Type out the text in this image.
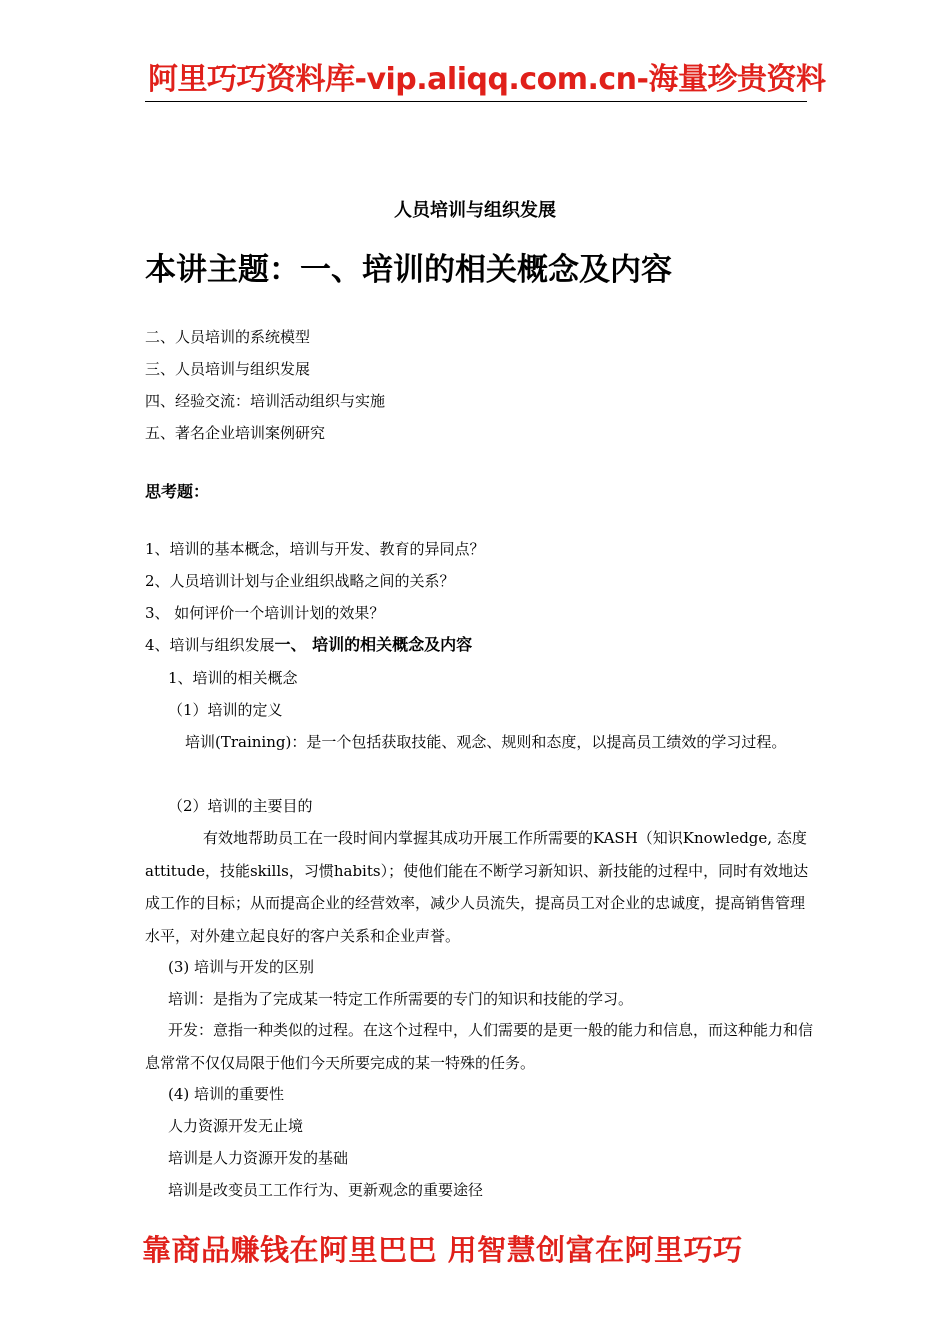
阿里巧巧资料库-vip.aliqq.com.cn-海量珍贵资料
人员培训与组织发展
本讲主题：一、培训的相关概念及内容
二、人员培训的系统模型
三、人员培训与组织发展
四、经验交流：培训活动组织与实施
五、著名企业培训案例研究
思考题：
1、培训的基本概念，培训与开发、教育的异同点？
2、人员培训计划与企业组织战略之间的关系？
3、 如何评价一个培训计划的效果？
4、培训与组织发展一、 培训的相关概念及内容
1、培训的相关概念
（1）培训的定义
培训(Training)：是一个包括获取技能、观念、规则和态度，以提高员工绩效的学习过程。
（2）培训的主要目的
有效地帮助员工在一段时间内掌握其成功开展工作所需要的KASH（知识Knowledge, 态度attitude，技能skills，习惯habits）；使他们能在不断学习新知识、新技能的过程中，同时有效地达成工作的目标；从而提高企业的经营效率，减少人员流失，提高员工对企业的忠诚度，提高销售管理水平，对外建立起良好的客户关系和企业声誉。
(3) 培训与开发的区别
培训：是指为了完成某一特定工作所需要的专门的知识和技能的学习。
开发：意指一种类似的过程。在这个过程中，人们需要的是更一般的能力和信息，而这种能力和信息常常不仅仅局限于他们今天所要完成的某一特殊的任务。
(4) 培训的重要性
人力资源开发无止境
培训是人力资源开发的基础
培训是改变员工工作行为、更新观念的重要途径
靠商品赚钱在阿里巴巴 用智慧创富在阿里巧巧
